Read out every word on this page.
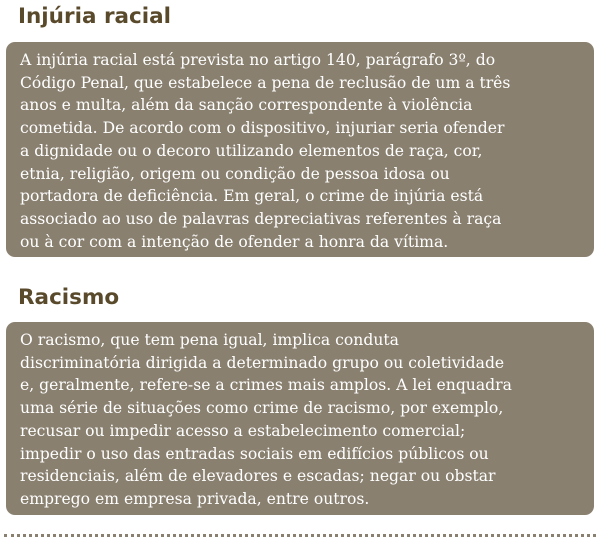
Injúria racial
A injúria racial está prevista no artigo 140, parágrafo 3º, do
Código Penal, que estabelece a pena de reclusão de um a três
anos e multa, além da sanção correspondente à violência
cometida. De acordo com o dispositivo, injuriar seria ofender
a dignidade ou o decoro utilizando elementos de raça, cor,
etnia, religião, origem ou condição de pessoa idosa ou
portadora de deficiência. Em geral, o crime de injúria está
associado ao uso de palavras depreciativas referentes à raça
ou à cor com a intenção de ofender a honra da vítima.
Racismo
O racismo, que tem pena igual, implica conduta
discriminatória dirigida a determinado grupo ou coletividade
e, geralmente, refere-se a crimes mais amplos. A lei enquadra
uma série de situações como crime de racismo, por exemplo,
recusar ou impedir acesso a estabelecimento comercial;
impedir o uso das entradas sociais em edifícios públicos ou
residenciais, além de elevadores e escadas; negar ou obstar
emprego em empresa privada, entre outros.
